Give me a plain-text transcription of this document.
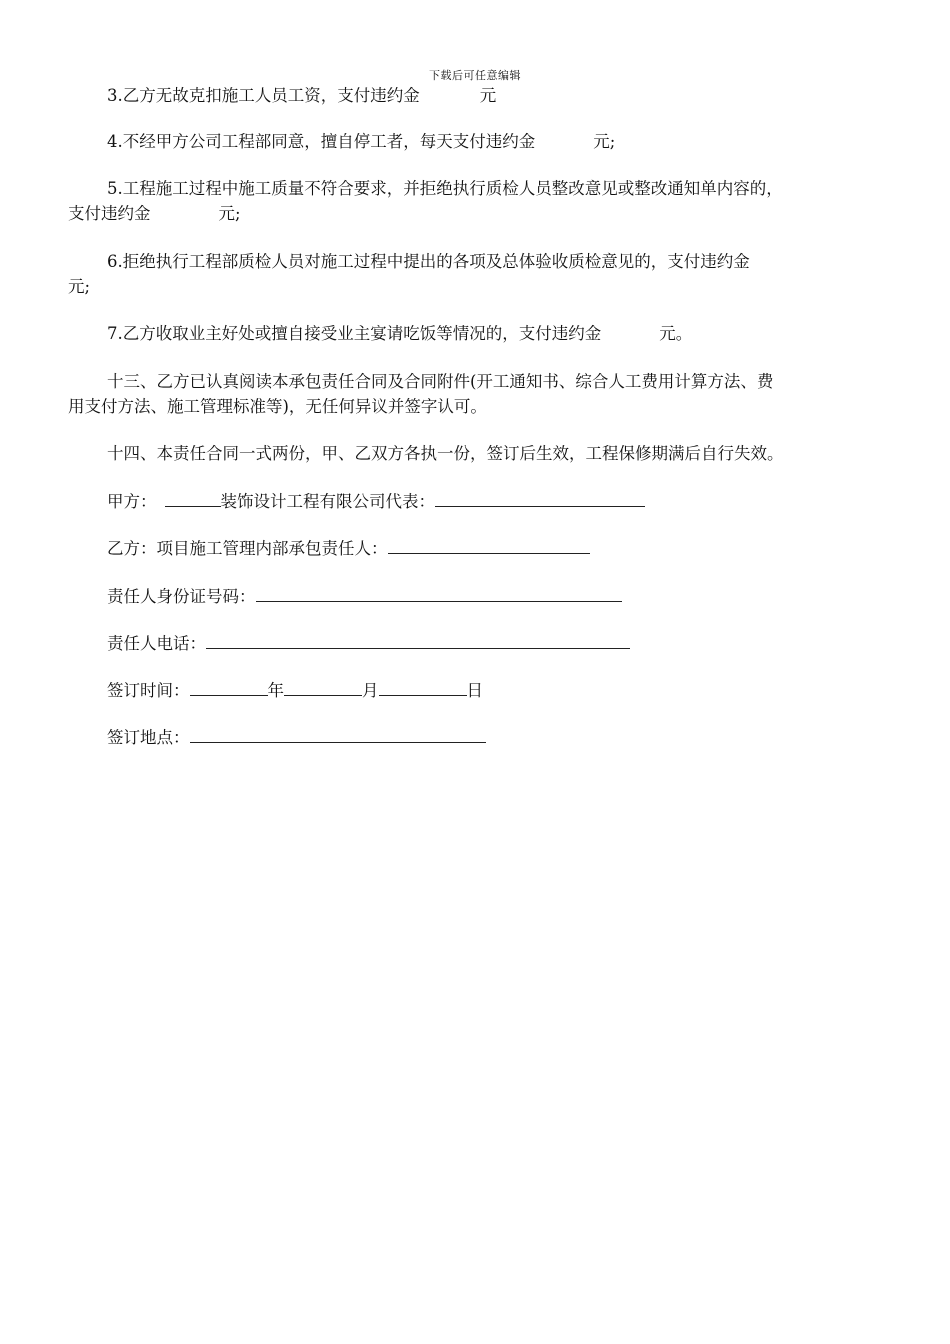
下载后可任意编辑
3.乙方无故克扣施工人员工资，支付违约金	元
4.不经甲方公司工程部同意，擅自停工者，每天支付违约金	元;
5.工程施工过程中施工质量不符合要求，并拒绝执行质检人员整改意见或整改通知单内容的，
支付违约金	元;
6.拒绝执行工程部质检人员对施工过程中提出的各项及总体验收质检意见的，支付违约金
元;
7.乙方收取业主好处或擅自接受业主宴请吃饭等情况的，支付违约金	元。
十三、乙方已认真阅读本承包责任合同及合同附件(开工通知书、综合人工费用计算方法、费
用支付方法、施工管理标准等)，无任何异议并签字认可。
十四、本责任合同一式两份，甲、乙双方各执一份，签订后生效，工程保修期满后自行失效。
甲方：	装饰设计工程有限公司代表：
乙方：项目施工管理内部承包责任人：
责任人身份证号码：
责任人电话：
签订时间：	年	月	日
签订地点：
